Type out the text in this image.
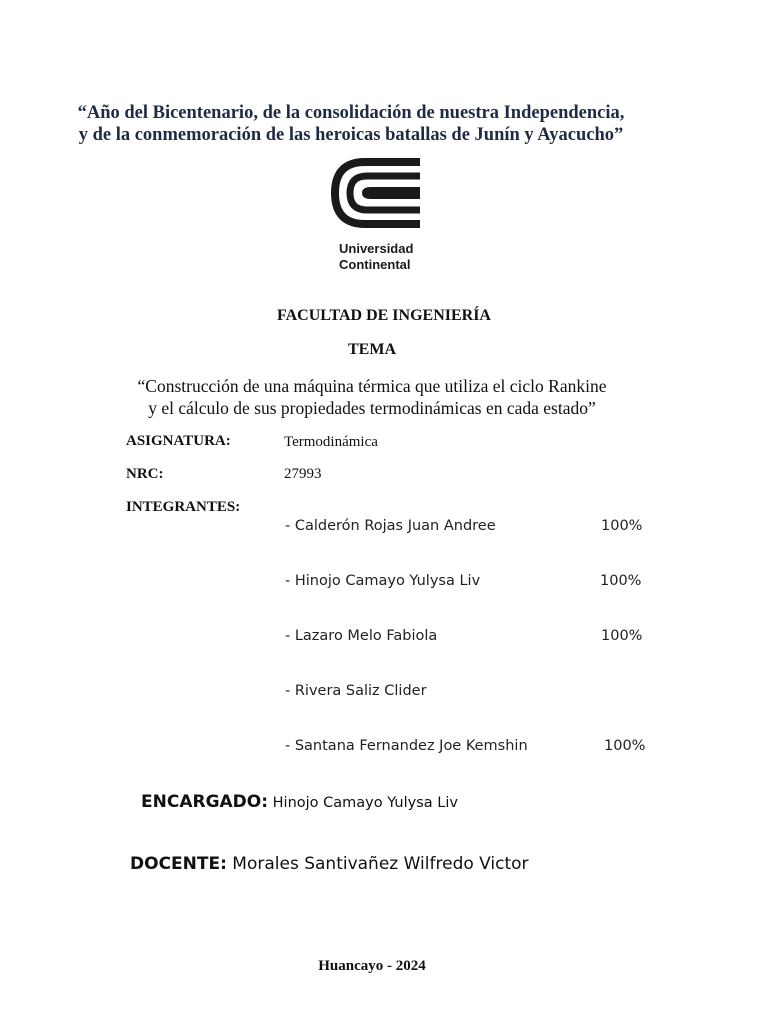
“Año del Bicentenario, de la consolidación de nuestra Independencia,
y de la conmemoración de las heroicas batallas de Junín y Ayacucho”
Universidad
Continental
FACULTAD DE INGENIERÍA
TEMA
“Construcción de una máquina térmica que utiliza el ciclo Rankine
y el cálculo de sus propiedades termodinámicas en cada estado”
ASIGNATURA:	Termodinámica
NRC:	27993
INTEGRANTES:
- Calderón Rojas Juan Andree	100%
- Hinojo Camayo Yulysa Liv	100%
- Lazaro Melo Fabiola	100%
- Rivera Saliz Clider
- Santana Fernandez Joe Kemshin	100%
ENCARGADO: Hinojo Camayo Yulysa Liv
DOCENTE: Morales Santivañez Wilfredo Victor
Huancayo - 2024
